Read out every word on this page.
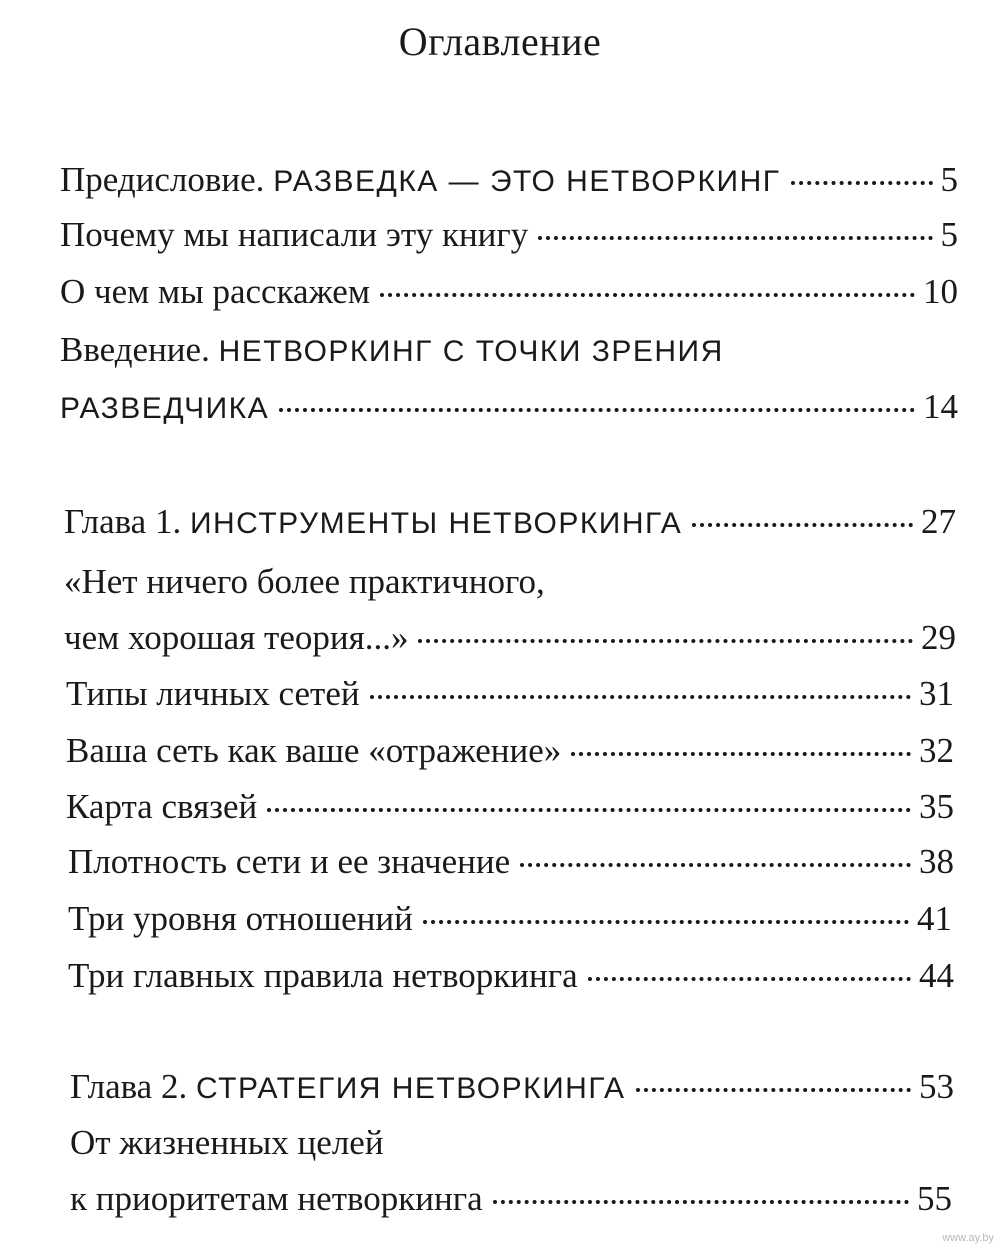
Оглавление
Предисловие. РАЗВЕДКА — ЭТО НЕТВОРКИНГ	5
Почему мы написали эту книгу	5
О чем мы расскажем	10
Введение. НЕТВОРКИНГ С ТОЧКИ ЗРЕНИЯ
РАЗВЕДЧИКА	14
Глава 1. ИНСТРУМЕНТЫ НЕТВОРКИНГА	27
«Нет ничего более практичного,
чем хорошая теория...»	29
Типы личных сетей	31
Ваша сеть как ваше «отражение»	32
Карта связей	35
Плотность сети и ее значение	38
Три уровня отношений	41
Три главных правила нетворкинга	44
Глава 2. СТРАТЕГИЯ НЕТВОРКИНГА	53
От жизненных целей
к приоритетам нетворкинга	55
www.ay.by
